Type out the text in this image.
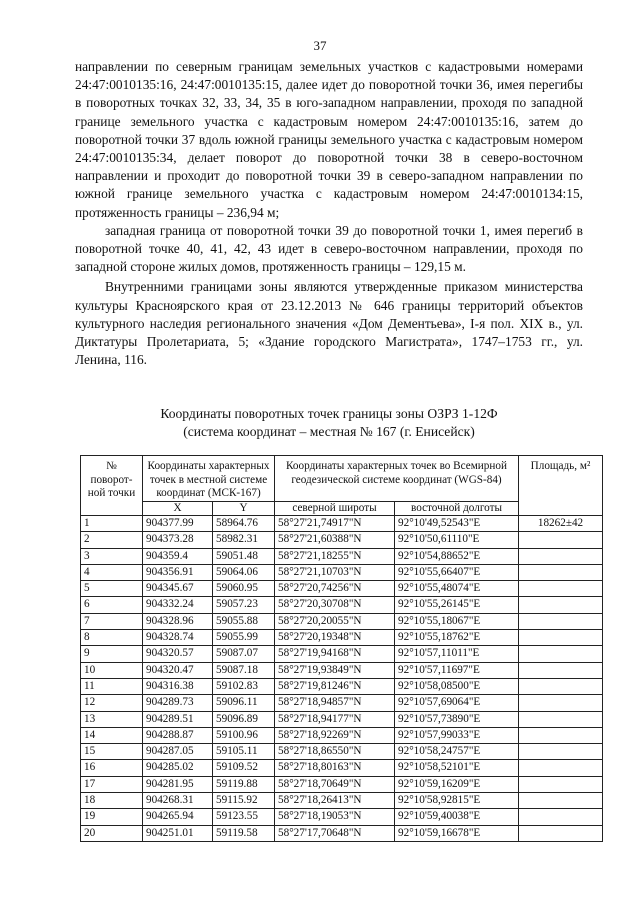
37

направлении по северным границам земельных участков с кадастровыми номерами 24:47:0010135:16, 24:47:0010135:15, далее идет до поворотной точки 36, имея перегибы в поворотных точках 32, 33, 34, 35 в юго-западном направлении, проходя по западной границе земельного участка с кадастровым номером 24:47:0010135:16, затем до поворотной точки 37 вдоль южной границы земельного участка с кадастровым номером 24:47:0010135:34, делает поворот до поворотной точки 38 в северо-восточном направлении и проходит до поворотной точки 39 в северо-западном направлении по южной границе земельного участка с кадастровым номером 24:47:0010134:15, протяженность границы – 236,94 м;

западная граница от поворотной точки 39 до поворотной точки 1, имея перегиб в поворотной точке 40, 41, 42, 43 идет в северо-восточном направлении, проходя по западной стороне жилых домов, протяженность границы – 129,15 м.

Внутренними границами зоны являются утвержденные приказом министерства культуры Красноярского края от 23.12.2013 № 646 границы территорий объектов культурного наследия регионального значения «Дом Дементьева», I-я пол. XIX в., ул. Диктатуры Пролетариата, 5; «Здание городского Магистрата», 1747–1753 гг., ул. Ленина, 116.

Координаты поворотных точек границы зоны ОЗРЗ 1-12Ф
(система координат – местная № 167 (г. Енисейск)
№ поворот-ной точки	Координаты характерных точек в местной системе координат (МСК-167)		Координаты характерных точек во Всемирной геодезической системе координат (WGS-84)		Площадь, м²
	X	Y	северной широты	восточной долготы	
1	904377.99	58964.76	58°27'21,74917"N	92°10'49,52543"E	18262±42
2	904373.28	58982.31	58°27'21,60388"N	92°10'50,61110"E	
3	904359.4	59051.48	58°27'21,18255"N	92°10'54,88652"E	
4	904356.91	59064.06	58°27'21,10703"N	92°10'55,66407"E	
5	904345.67	59060.95	58°27'20,74256"N	92°10'55,48074"E	
6	904332.24	59057.23	58°27'20,30708"N	92°10'55,26145"E	
7	904328.96	59055.88	58°27'20,20055"N	92°10'55,18067"E	
8	904328.74	59055.99	58°27'20,19348"N	92°10'55,18762"E	
9	904320.57	59087.07	58°27'19,94168"N	92°10'57,11011"E	
10	904320.47	59087.18	58°27'19,93849"N	92°10'57,11697"E	
11	904316.38	59102.83	58°27'19,81246"N	92°10'58,08500"E	
12	904289.73	59096.11	58°27'18,94857"N	92°10'57,69064"E	
13	904289.51	59096.89	58°27'18,94177"N	92°10'57,73890"E	
14	904288.87	59100.96	58°27'18,92269"N	92°10'57,99033"E	
15	904287.05	59105.11	58°27'18,86550"N	92°10'58,24757"E	
16	904285.02	59109.52	58°27'18,80163"N	92°10'58,52101"E	
17	904281.95	59119.88	58°27'18,70649"N	92°10'59,16209"E	
18	904268.31	59115.92	58°27'18,26413"N	92°10'58,92815"E	
19	904265.94	59123.55	58°27'18,19053"N	92°10'59,40038"E	
20	904251.01	59119.58	58°27'17,70648"N	92°10'59,16678"E	
